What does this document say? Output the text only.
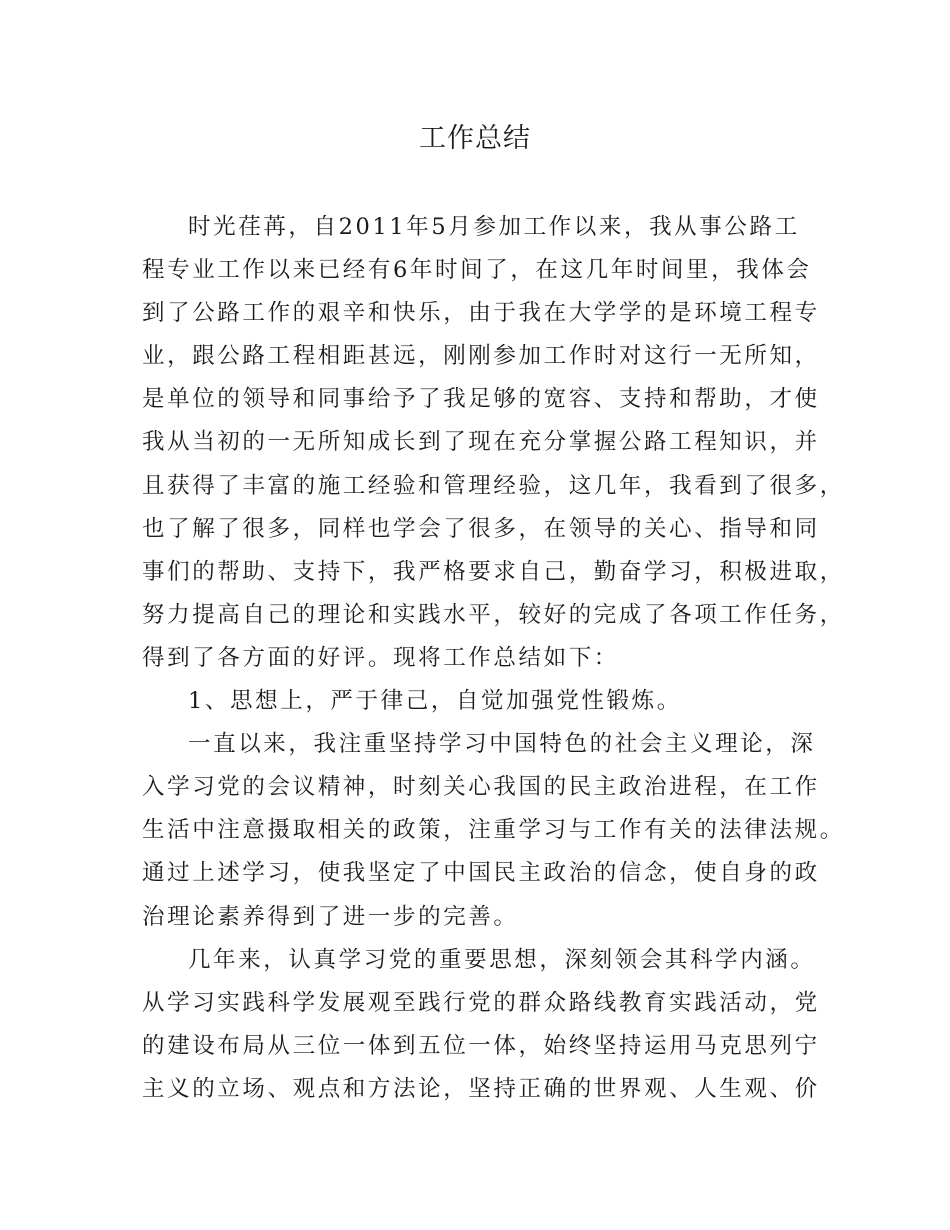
工作总结

时光荏苒，自2011年5月参加工作以来，我从事公路工

程专业工作以来已经有6年时间了，在这几年时间里，我体会

到了公路工作的艰辛和快乐，由于我在大学学的是环境工程专

业，跟公路工程相距甚远，刚刚参加工作时对这行一无所知，

是单位的领导和同事给予了我足够的宽容、支持和帮助，才使

我从当初的一无所知成长到了现在充分掌握公路工程知识，并

且获得了丰富的施工经验和管理经验，这几年，我看到了很多，

也了解了很多，同样也学会了很多，在领导的关心、指导和同

事们的帮助、支持下，我严格要求自己，勤奋学习，积极进取，

努力提高自己的理论和实践水平，较好的完成了各项工作任务，

得到了各方面的好评。现将工作总结如下：

1、思想上，严于律己，自觉加强党性锻炼。

一直以来，我注重坚持学习中国特色的社会主义理论，深

入学习党的会议精神，时刻关心我国的民主政治进程，在工作

生活中注意摄取相关的政策，注重学习与工作有关的法律法规。

通过上述学习，使我坚定了中国民主政治的信念，使自身的政

治理论素养得到了进一步的完善。

几年来，认真学习党的重要思想，深刻领会其科学内涵。

从学习实践科学发展观至践行党的群众路线教育实践活动，党

的建设布局从三位一体到五位一体，始终坚持运用马克思列宁

主义的立场、观点和方法论，坚持正确的世界观、人生观、价
